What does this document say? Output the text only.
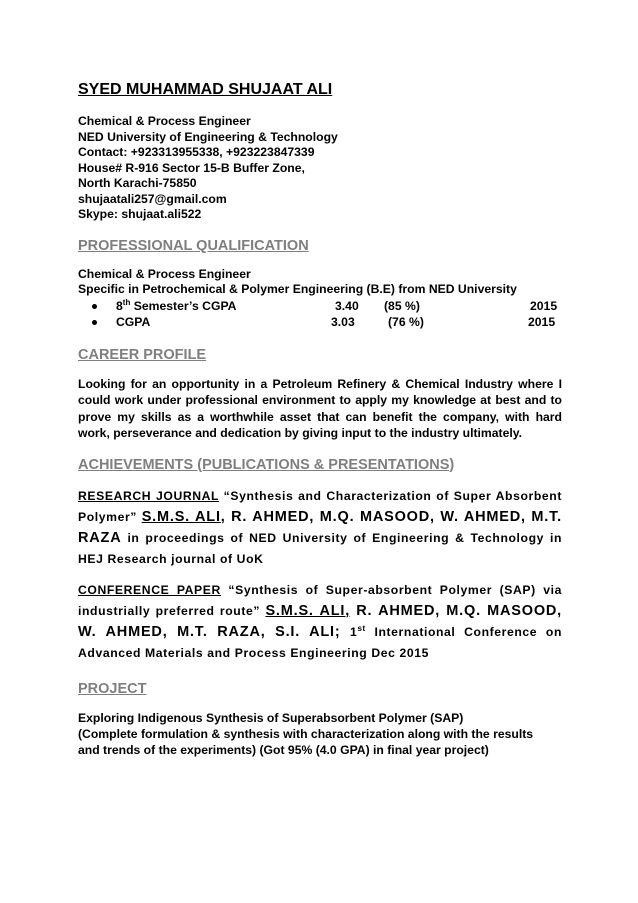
SYED MUHAMMAD SHUJAAT ALI
Chemical & Process Engineer
NED University of Engineering & Technology
Contact: +923313955338, +923223847339
House# R-916 Sector 15-B Buffer Zone,
North Karachi-75850
shujaatali257@gmail.com
Skype: shujaat.ali522
PROFESSIONAL QUALIFICATION
Chemical & Process Engineer
Specific in Petrochemical & Polymer Engineering (B.E) from NED University
8th Semester’s CGPA	3.40 (85 %)	2015
CGPA	3.03	(76 %)	2015
CAREER PROFILE
Looking for an opportunity in a Petroleum Refinery & Chemical Industry where I could work under professional environment to apply my knowledge at best and to prove my skills as a worthwhile asset that can benefit the company, with hard work, perseverance and dedication by giving input to the industry ultimately.
ACHIEVEMENTS (PUBLICATIONS & PRESENTATIONS)
RESEARCH JOURNAL “Synthesis and Characterization of Super Absorbent Polymer” S.M.S. ALI, R. AHMED, M.Q. MASOOD, W. AHMED, M.T. RAZA in proceedings of NED University of Engineering & Technology in HEJ Research journal of UoK
CONFERENCE PAPER “Synthesis of Super-absorbent Polymer (SAP) via industrially preferred route” S.M.S. ALI, R. AHMED, M.Q. MASOOD, W. AHMED, M.T. RAZA, S.I. ALI; 1st International Conference on Advanced Materials and Process Engineering Dec 2015
PROJECT
Exploring Indigenous Synthesis of Superabsorbent Polymer (SAP)
(Complete formulation & synthesis with characterization along with the results
and trends of the experiments) (Got 95% (4.0 GPA) in final year project)
